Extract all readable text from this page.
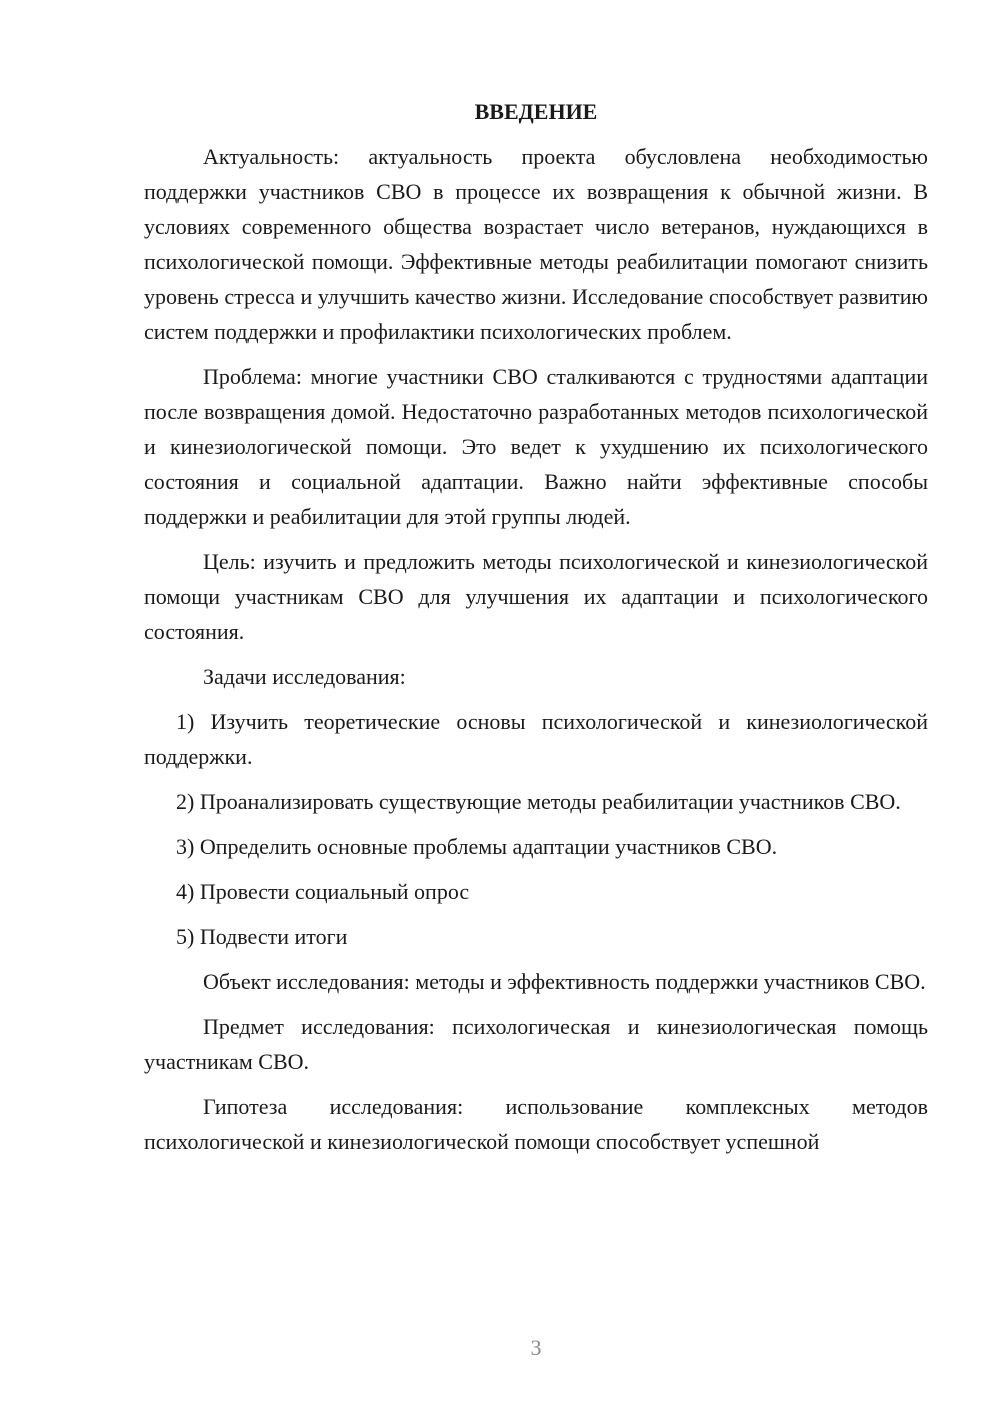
ВВЕДЕНИЕ

Актуальность: актуальность проекта обусловлена необходимостью поддержки участников СВО в процессе их возвращения к обычной жизни. В условиях современного общества возрастает число ветеранов, нуждающихся в психологической помощи. Эффективные методы реабилитации помогают снизить уровень стресса и улучшить качество жизни. Исследование способствует развитию систем поддержки и профилактики психологических проблем.

Проблема: многие участники СВО сталкиваются с трудностями адаптации после возвращения домой. Недостаточно разработанных методов психологической и кинезиологической помощи. Это ведет к ухудшению их психологического состояния и социальной адаптации. Важно найти эффективные способы поддержки и реабилитации для этой группы людей.

Цель: изучить и предложить методы психологической и кинезиологической помощи участникам СВО для улучшения их адаптации и психологического состояния.

Задачи исследования:

1) Изучить теоретические основы психологической и кинезиологической поддержки.

2) Проанализировать существующие методы реабилитации участников СВО.

3) Определить основные проблемы адаптации участников СВО.

4) Провести социальный опрос

5) Подвести итоги

Объект исследования: методы и эффективность поддержки участников СВО.

Предмет исследования: психологическая и кинезиологическая помощь участникам СВО.

Гипотеза исследования: использование комплексных методов психологической и кинезиологической помощи способствует успешной

3
